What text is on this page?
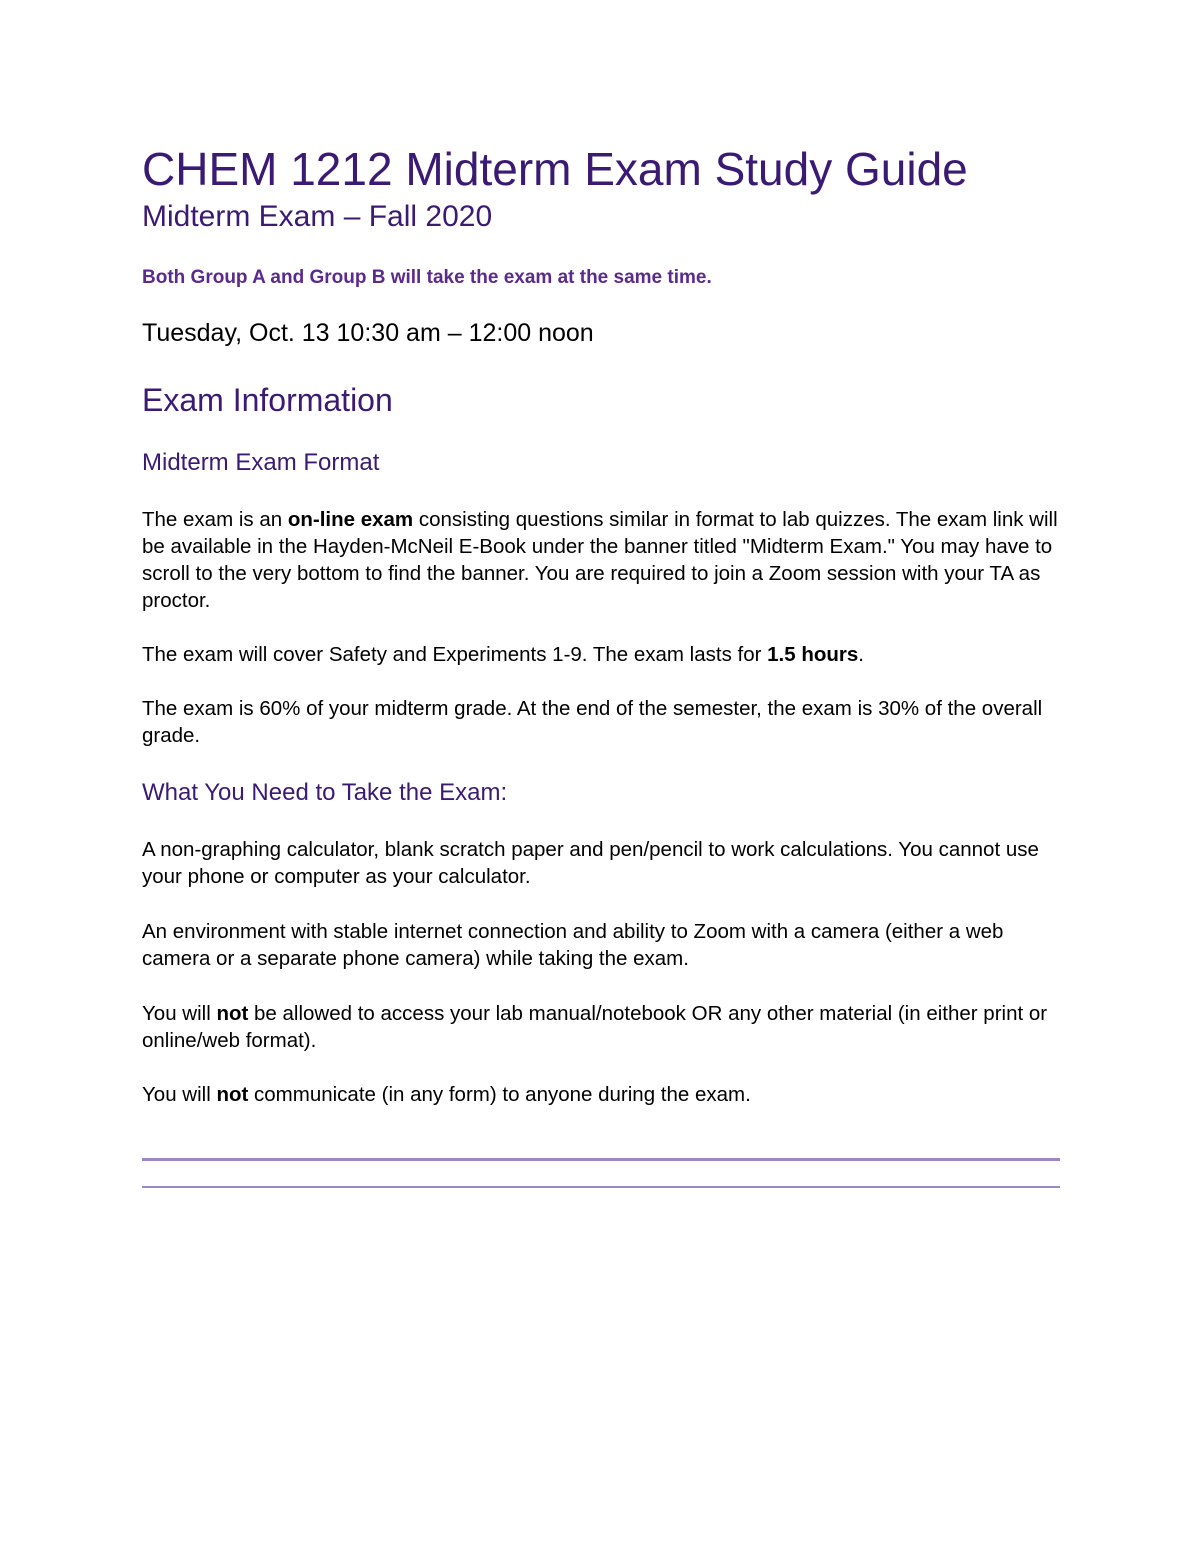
CHEM 1212 Midterm Exam Study Guide
Midterm Exam – Fall 2020
Both Group A and Group B will take the exam at the same time.
Tuesday, Oct. 13 10:30 am – 12:00 noon
Exam Information
Midterm Exam Format
The exam is an on-line exam consisting questions similar in format to lab quizzes. The exam link will be available in the Hayden-McNeil E-Book under the banner titled "Midterm Exam." You may have to scroll to the very bottom to find the banner. You are required to join a Zoom session with your TA as proctor.
The exam will cover Safety and Experiments 1-9. The exam lasts for 1.5 hours.
The exam is 60% of your midterm grade. At the end of the semester, the exam is 30% of the overall grade.
What You Need to Take the Exam:
A non-graphing calculator, blank scratch paper and pen/pencil to work calculations. You cannot use your phone or computer as your calculator.
An environment with stable internet connection and ability to Zoom with a camera (either a web camera or a separate phone camera) while taking the exam.
You will not be allowed to access your lab manual/notebook OR any other material (in either print or online/web format).
You will not communicate (in any form) to anyone during the exam.
